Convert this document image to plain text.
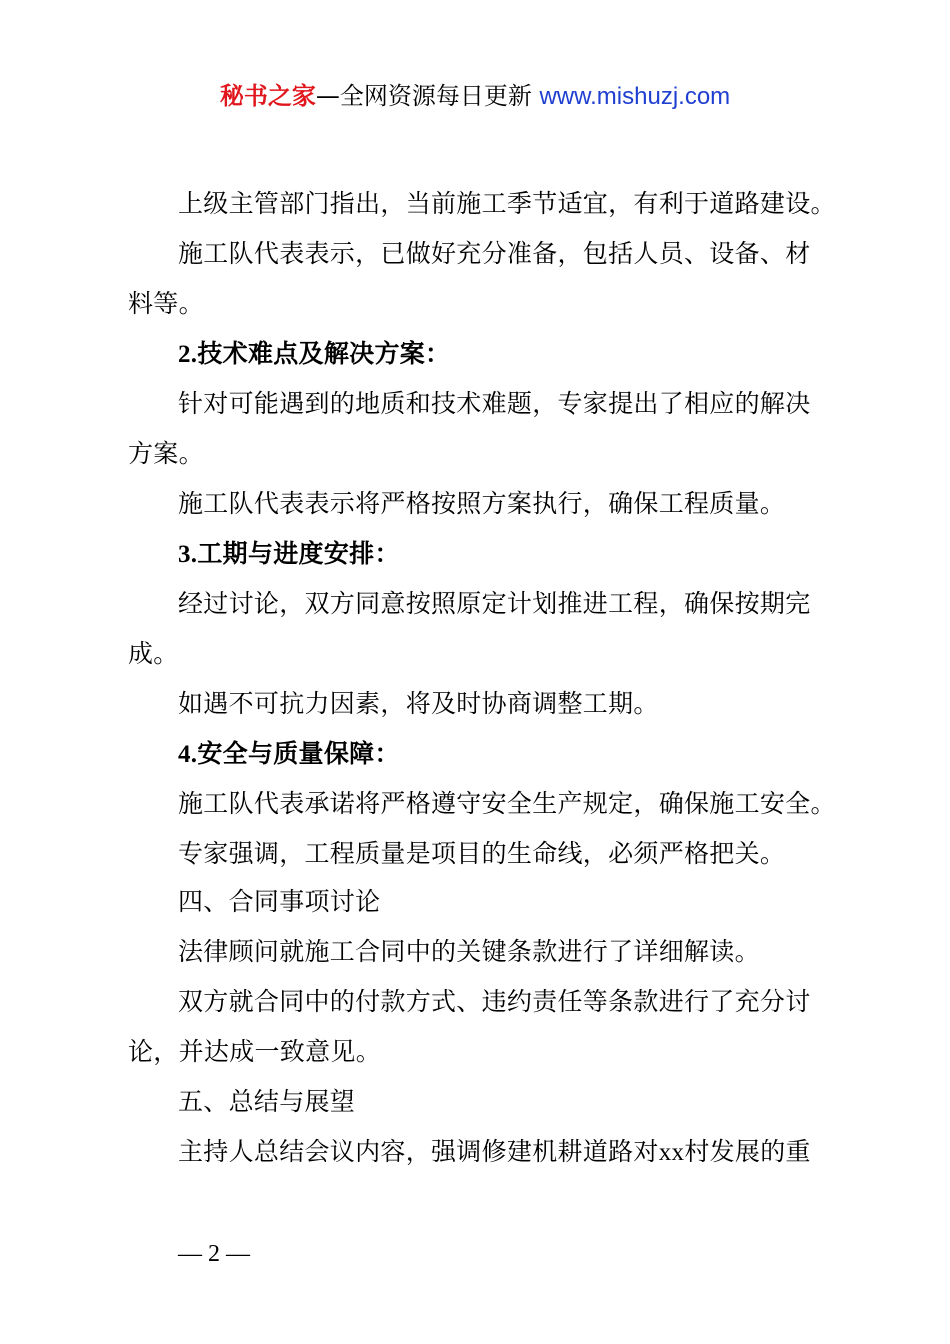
秘书之家—全网资源每日更新 www.mishuzj.com
上级主管部门指出，当前施工季节适宜，有利于道路建设。
施工队代表表示，已做好充分准备，包括人员、设备、材
料等。
2.技术难点及解决方案：
针对可能遇到的地质和技术难题，专家提出了相应的解决
方案。
施工队代表表示将严格按照方案执行，确保工程质量。
3.工期与进度安排：
经过讨论，双方同意按照原定计划推进工程，确保按期完
成。
如遇不可抗力因素，将及时协商调整工期。
4.安全与质量保障：
施工队代表承诺将严格遵守安全生产规定，确保施工安全。
专家强调，工程质量是项目的生命线，必须严格把关。
四、合同事项讨论
法律顾问就施工合同中的关键条款进行了详细解读。
双方就合同中的付款方式、违约责任等条款进行了充分讨
论，并达成一致意见。
五、总结与展望
主持人总结会议内容，强调修建机耕道路对xx村发展的重
— 2 —
